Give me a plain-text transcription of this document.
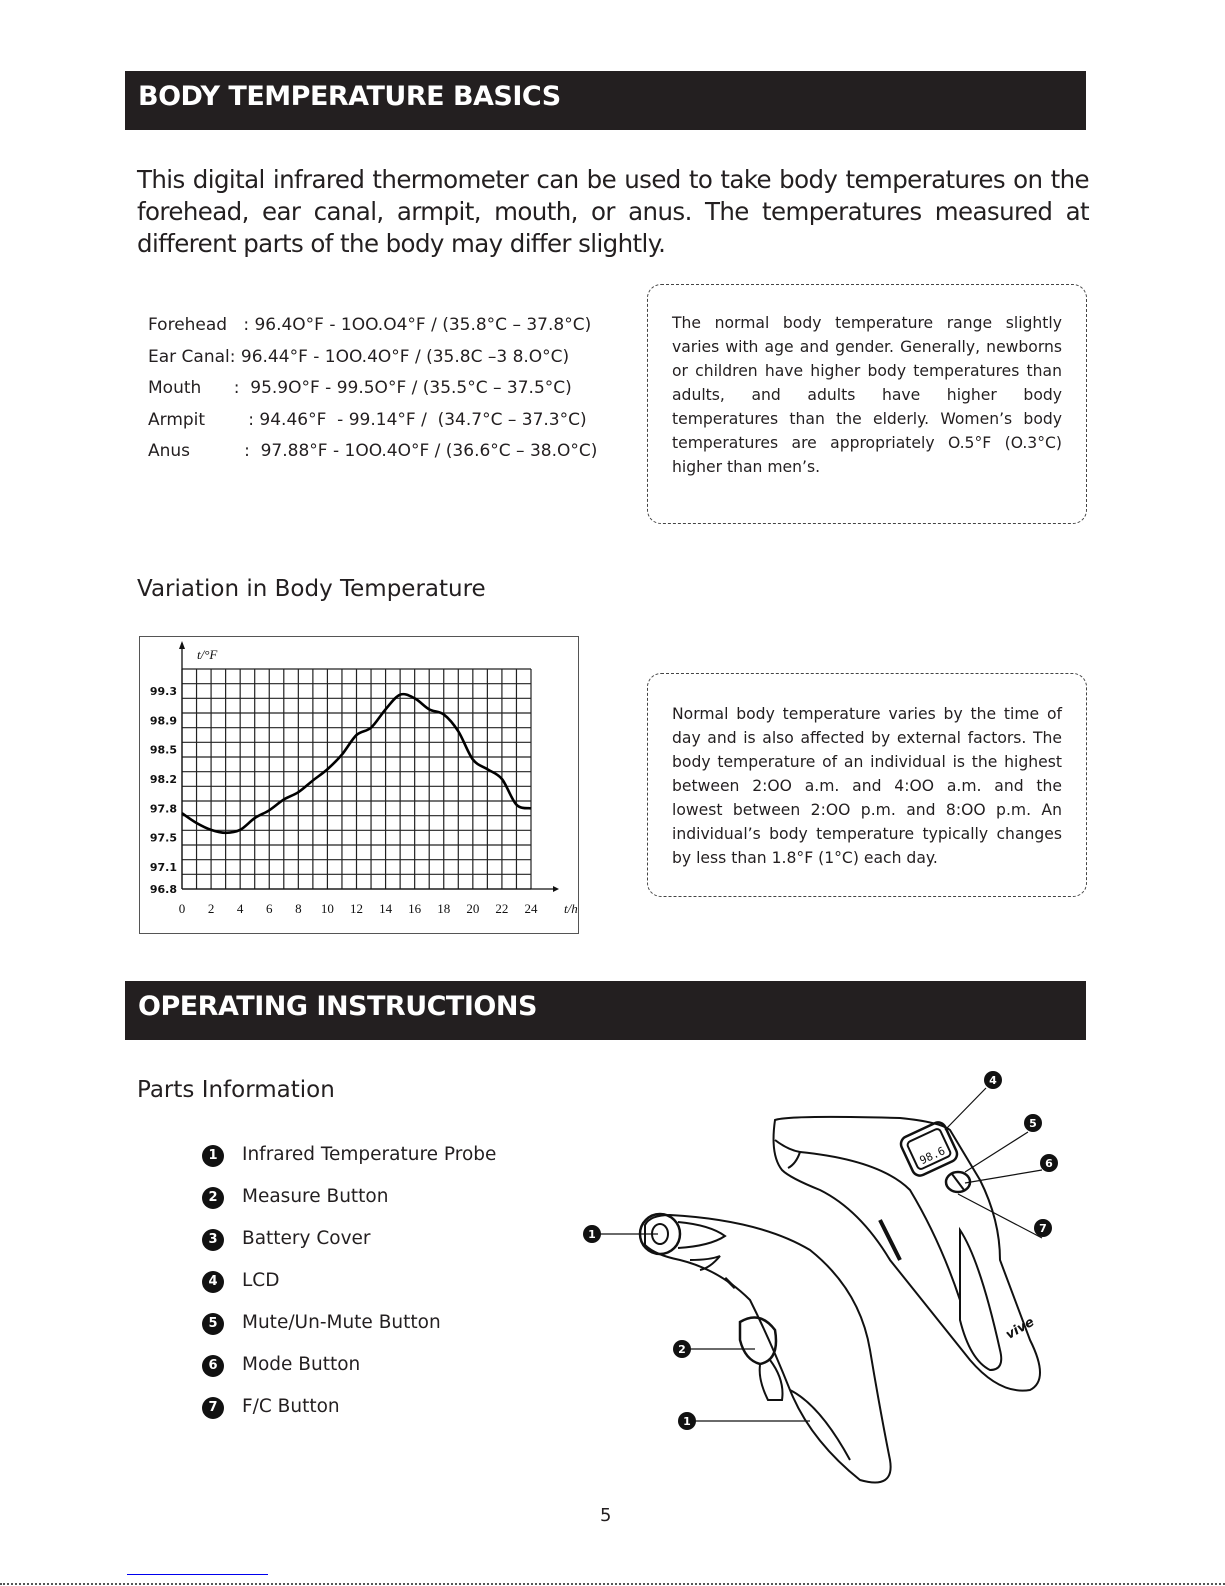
BODY TEMPERATURE BASICS
This digital infrared thermometer can be used to take body temperatures on the forehead, ear canal, armpit, mouth, or anus. The temperatures measured at different parts of the body may differ slightly.
Forehead   : 96.4O°F - 1OO.O4°F / (35.8°C – 37.8°C)
Ear Canal: 96.44°F - 1OO.4O°F / (35.8C –3 8.O°C)
Mouth      :  95.9O°F - 99.5O°F / (35.5°C – 37.5°C)
Armpit        : 94.46°F  - 99.14°F /  (34.7°C – 37.3°C)
Anus          :  97.88°F - 1OO.4O°F / (36.6°C – 38.O°C)

The normal body temperature range slightly varies with age and gender. Generally, newborns or children have higher body temperatures than adults, and adults have higher body temperatures than the elderly. Women’s body temperatures are appropriately O.5°F (O.3°C) higher than men’s.

Variation in Body Temperature
96.8
97.1
97.5
97.8
98.2
98.5
98.9
99.3
0 2 4 6 8 10 12 14 16 18 20 22 24 t/h
t/°F

Normal body temperature varies by the time of day and is also affected by external factors. The body temperature of an individual is the highest between 2:OO a.m. and 4:OO a.m. and the lowest between 2:OO p.m. and 8:OO p.m. An individual’s body temperature typically changes by less than 1.8°F (1°C) each day.

OPERATING INSTRUCTIONS
Parts Information
1	Infrared Temperature Probe
2	Measure Button
3	Battery Cover
4	LCD
5	Mute/Un-Mute Button
6	Mode Button
7	F/C Button
98.6
vive
1
2
1
4
5
6
7
5
